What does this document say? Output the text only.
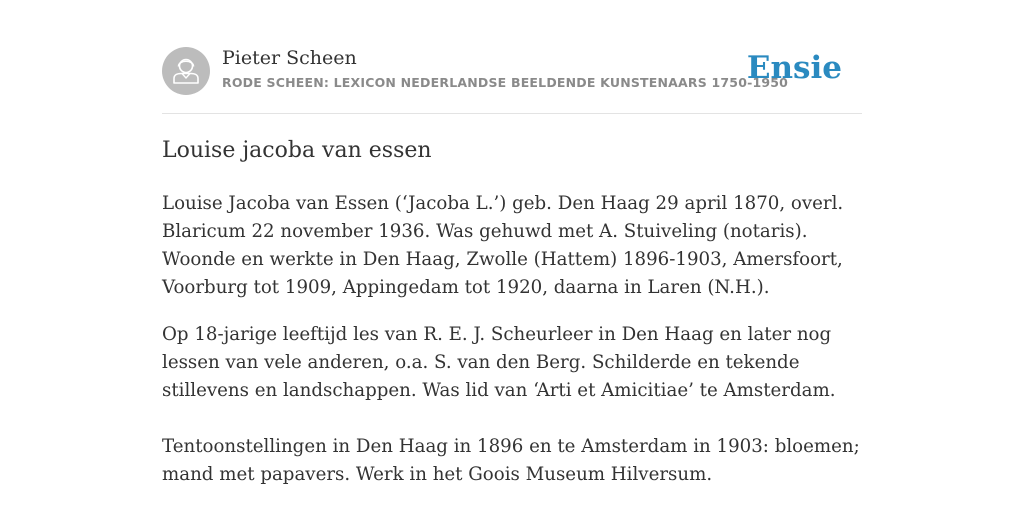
Pieter Scheen
RODE SCHEEN: LEXICON NEDERLANDSE BEELDENDE KUNSTENAARS 1750-1950
Ensie
Louise jacoba van essen

Louise Jacoba van Essen (‘Jacoba L.’) geb. Den Haag 29 april 1870, overl. Blaricum 22 november 1936. Was gehuwd met A. Stuiveling (notaris). Woonde en werkte in Den Haag, Zwolle (Hattem) 1896-1903, Amersfoort, Voorburg tot 1909, Appingedam tot 1920, daarna in Laren (N.H.).

Op 18-jarige leeftijd les van R. E. J. Scheurleer in Den Haag en later nog lessen van vele anderen, o.a. S. van den Berg. Schilderde en tekende stillevens en landschappen. Was lid van ‘Arti et Amicitiae’ te Amsterdam.

Tentoonstellingen in Den Haag in 1896 en te Amsterdam in 1903: bloemen; mand met papavers. Werk in het Goois Museum Hilversum.
